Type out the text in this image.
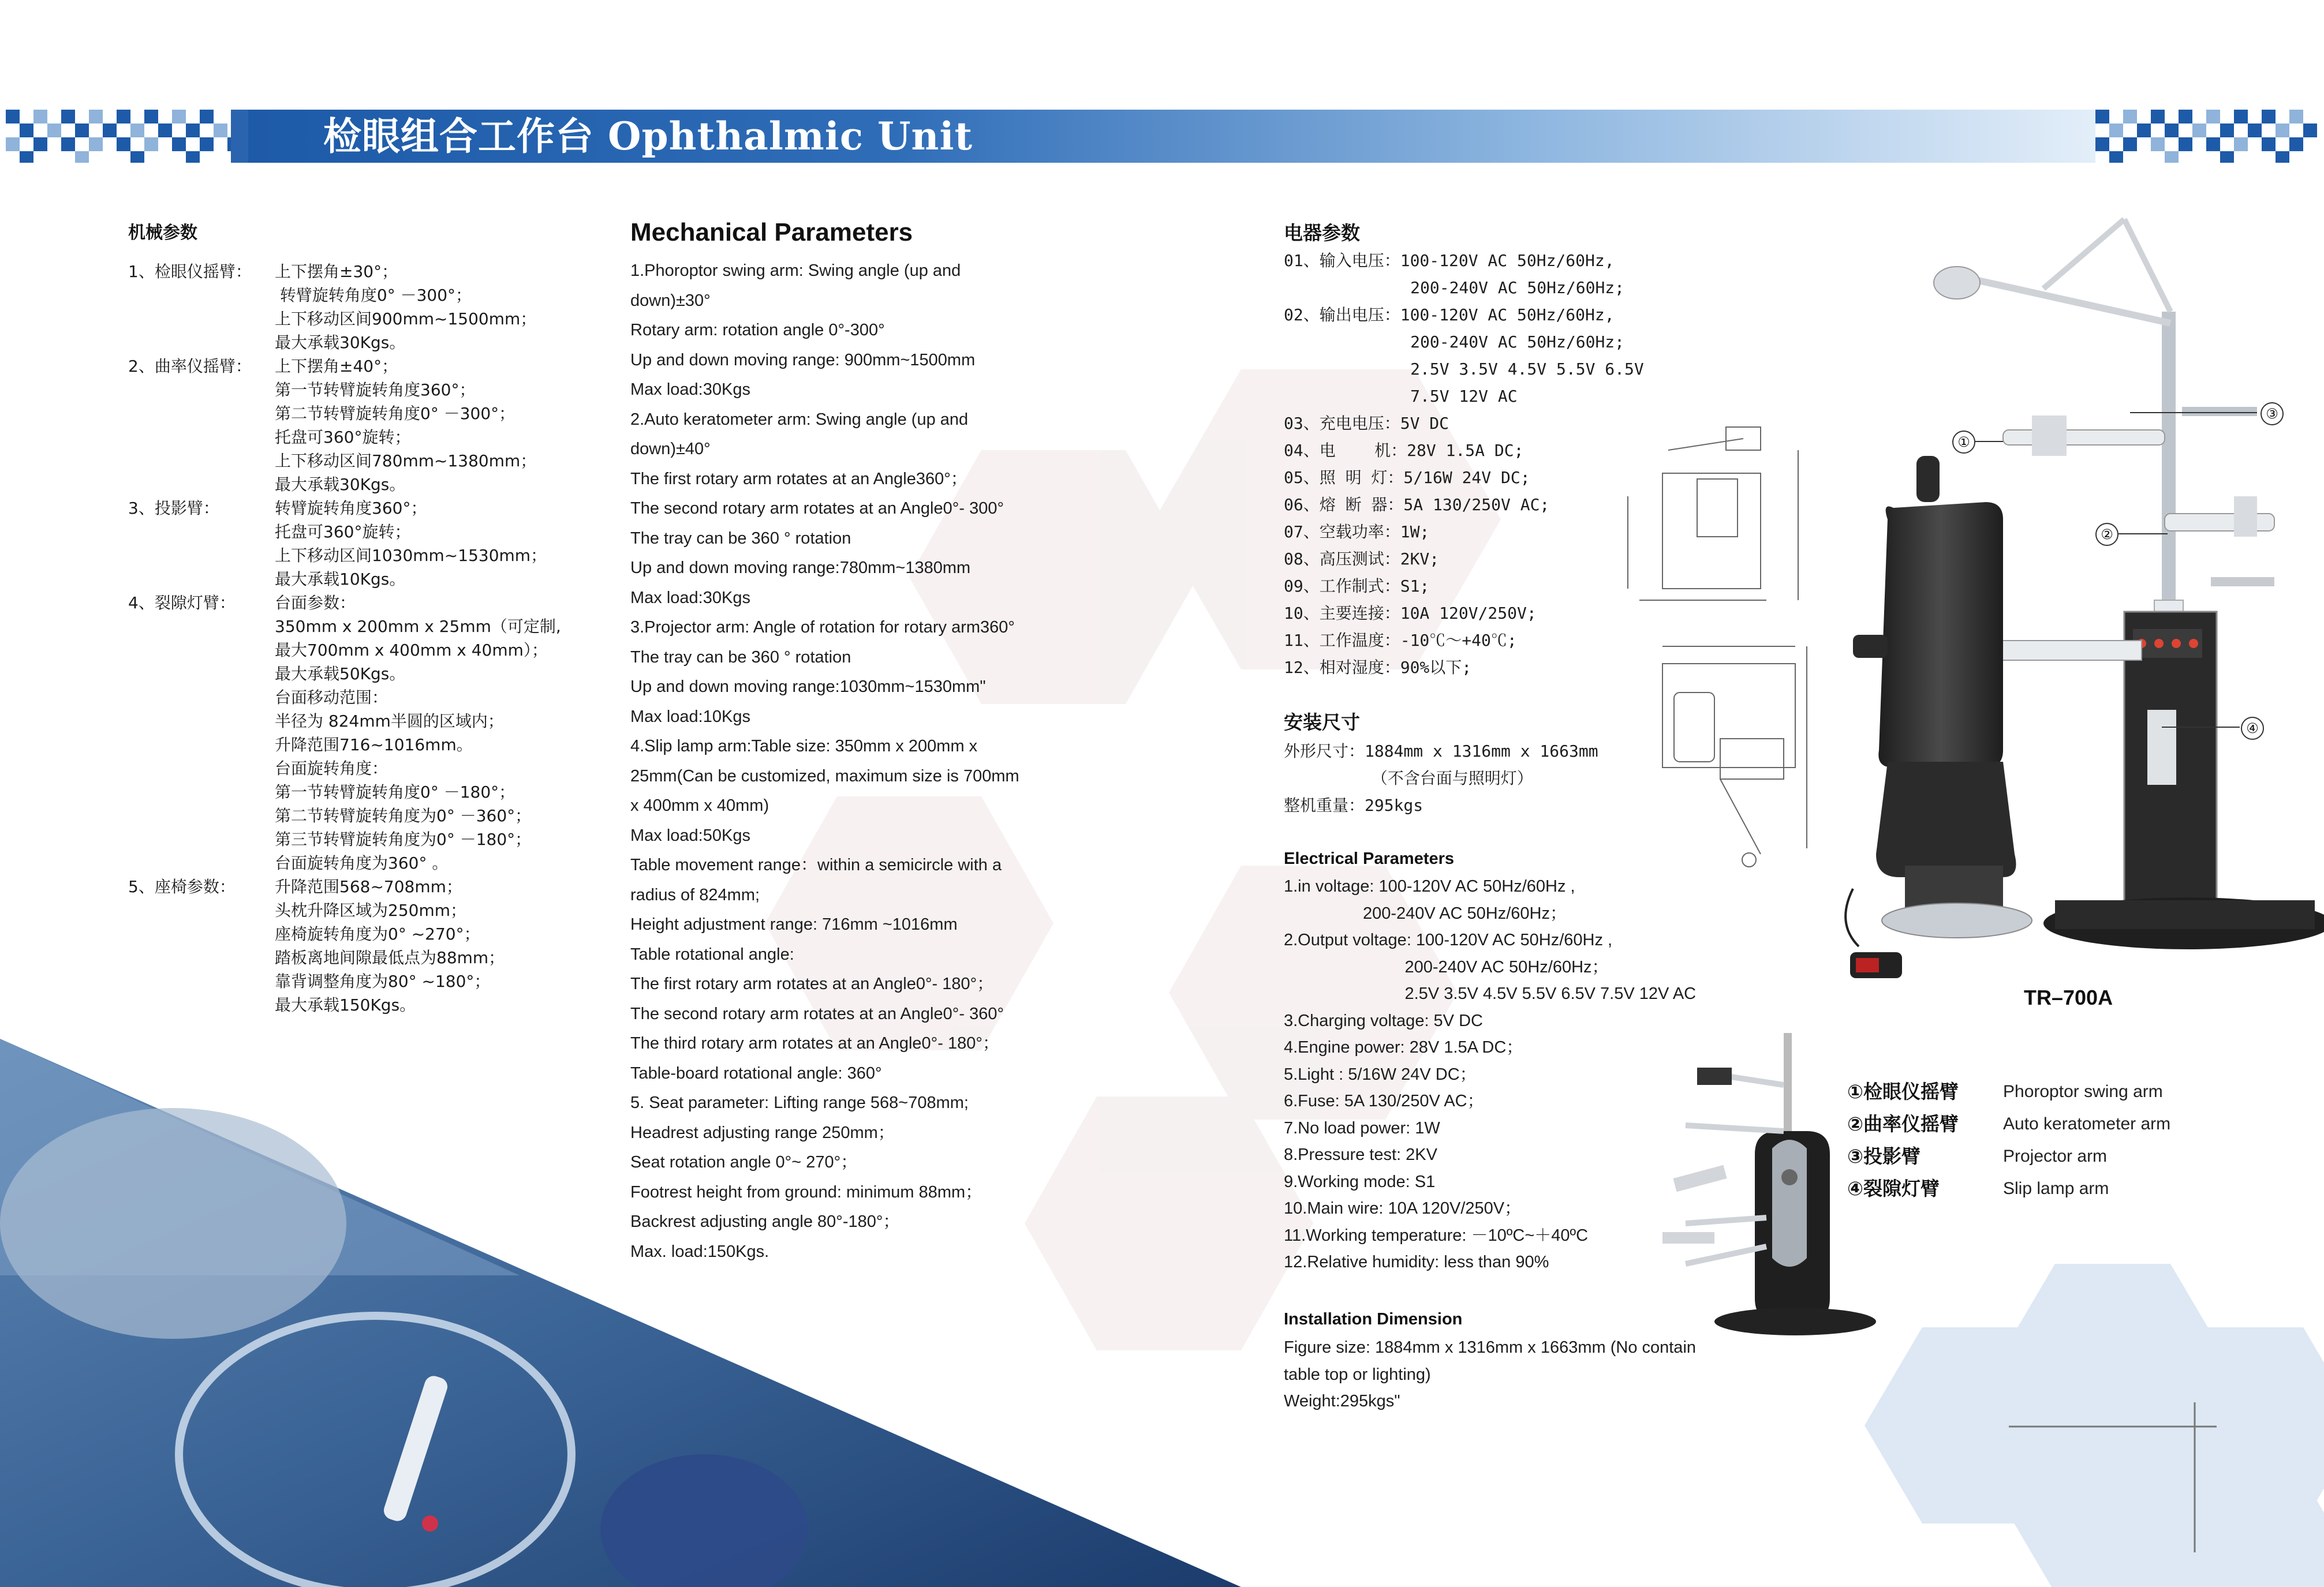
检眼组合工作台 Ophthalmic Unit
机械参数
1、检眼仪摇臂：	上下摆角±30°；
转臂旋转角度0° －300°；
上下移动区间900mm~1500mm；
最大承载30Kgs。
2、曲率仪摇臂：	上下摆角±40°；
第一节转臂旋转角度360°；
第二节转臂旋转角度0° －300°；
托盘可360°旋转；
上下移动区间780mm~1380mm；
最大承载30Kgs。
3、投影臂：	转臂旋转角度360°；
托盘可360°旋转；
上下移动区间1030mm~1530mm；
最大承载10Kgs。
4、裂隙灯臂：	台面参数：
350mm x 200mm x 25mm（可定制,
最大700mm x 400mm x 40mm）；
最大承载50Kgs。
台面移动范围：
半径为 824mm半圆的区域内；
升降范围716~1016mm。
台面旋转角度：
第一节转臂旋转角度0° －180°；
第二节转臂旋转角度为0° －360°；
第三节转臂旋转角度为0° －180°；
台面旋转角度为360° 。
5、座椅参数：	升降范围568~708mm；
头枕升降区域为250mm；
座椅旋转角度为0° ~270°；
踏板离地间隙最低点为88mm；
靠背调整角度为80° ~180°；
最大承载150Kgs。
Mechanical Parameters
1.Phoroptor swing arm: Swing angle (up and
down)±30°
Rotary arm: rotation angle 0°-300°
Up and down moving range: 900mm~1500mm
Max load:30Kgs
2.Auto keratometer arm: Swing angle (up and
down)±40°
The first rotary arm rotates at an Angle360°；
The second rotary arm rotates at an Angle0°- 300°
The tray can be 360 ° rotation
Up and down moving range:780mm~1380mm
Max load:30Kgs
3.Projector arm: Angle of rotation for rotary arm360°
The tray can be 360 ° rotation
Up and down moving range:1030mm~1530mm"
Max load:10Kgs
4.Slip lamp arm:Table size: 350mm x 200mm x
25mm(Can be customized, maximum size is 700mm
x 400mm x 40mm)
Max load:50Kgs
Table movement range：within a semicircle with a
radius of 824mm;
Height adjustment range: 716mm ~1016mm
Table rotational angle:
The first rotary arm rotates at an Angle0°- 180°；
The second rotary arm rotates at an Angle0°- 360°
The third rotary arm rotates at an Angle0°- 180°；
Table-board rotational angle: 360°
5. Seat parameter: Lifting range 568~708mm;
Headrest adjusting range 250mm；
Seat rotation angle 0°~ 270°；
Footrest height from ground: minimum 88mm；
Backrest adjusting angle 80°-180°；
Max. load:150Kgs.
电器参数
01、输入电压：100-120V AC 50Hz/60Hz,
200-240V AC 50Hz/60Hz;
02、输出电压：100-120V AC 50Hz/60Hz,
200-240V AC 50Hz/60Hz;
2.5V 3.5V 4.5V 5.5V 6.5V
7.5V 12V AC
03、充电电压：5V DC
04、电    机：28V 1.5A DC;
05、照 明 灯：5/16W 24V DC;
06、熔 断 器：5A 130/250V AC;
07、空载功率：1W;
08、高压测试：2KV;
09、工作制式：S1;
10、主要连接：10A 120V/250V;
11、工作温度：-10℃～+40℃;
12、相对湿度：90%以下;
安装尺寸
外形尺寸：1884mm x 1316mm x 1663mm
（不含台面与照明灯）
整机重量：295kgs
Electrical Parameters
1.in voltage: 100-120V AC 50Hz/60Hz ,
200-240V AC 50Hz/60Hz；
2.Output voltage: 100-120V AC 50Hz/60Hz ,
200-240V AC 50Hz/60Hz；
2.5V 3.5V 4.5V 5.5V 6.5V 7.5V 12V AC
3.Charging voltage: 5V DC
4.Engine power: 28V 1.5A DC；
5.Light : 5/16W 24V DC；
6.Fuse: 5A 130/250V AC；
7.No load power: 1W
8.Pressure test: 2KV
9.Working mode: S1
10.Main wire: 10A 120V/250V；
11.Working temperature: －10ºC~＋40ºC
12.Relative humidity: less than 90%
Installation Dimension
Figure size: 1884mm x 1316mm x 1663mm (No contain
table top or lighting)
Weight:295kgs"
TR–700A
①
③
②
④
①检眼仪摇臂	Phoroptor swing arm
②曲率仪摇臂	Auto keratometer arm
③投影臂	Projector arm
④裂隙灯臂	Slip lamp arm
